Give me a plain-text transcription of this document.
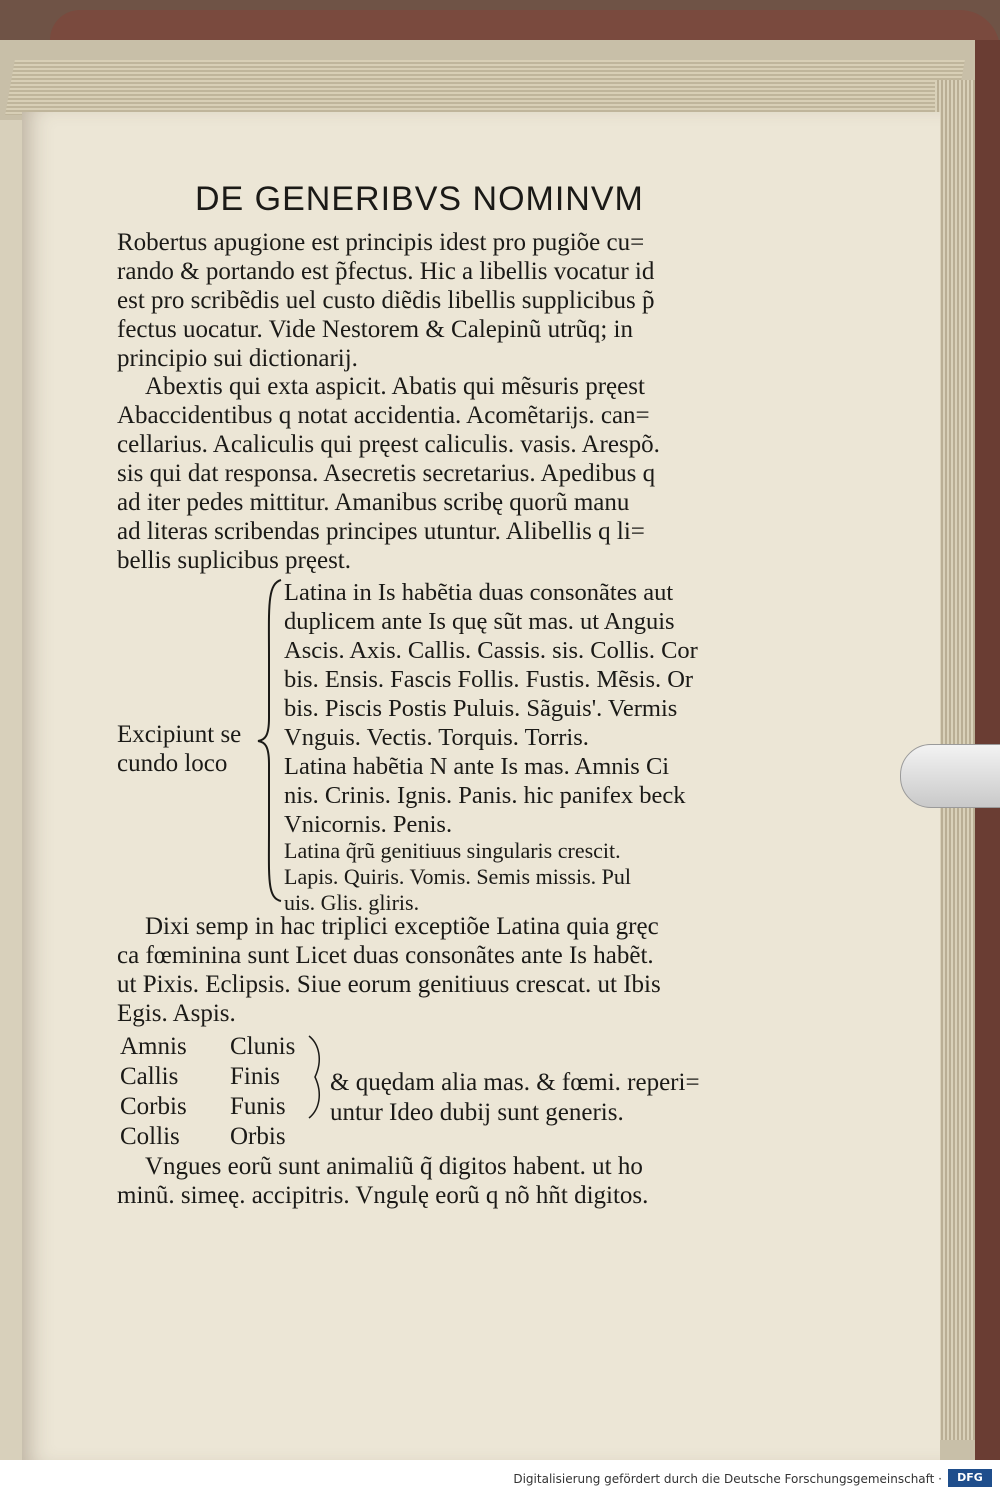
DE GENERIBVS NOMINVM
Robertus apugione est principis idest pro pugiõe cu=
rando & portando est p̃fectus. Hic a libellis vocatur id
est pro scribẽdis uel custo diẽdis libellis supplicibus p̃
fectus uocatur. Vide Nestorem & Calepinũ utrũq; in
principio sui dictionarij.
Abextis qui exta aspicit. Abatis qui mẽsuris pręest
Abaccidentibus q notat accidentia. Acomẽtarijs. can=
cellarius. Acaliculis qui pręest caliculis. vasis. Arespõ.
sis qui dat responsa. Asecretis secretarius. Apedibus q
ad iter pedes mittitur. Amanibus scribę quorũ manu
ad literas scribendas principes utuntur. Alibellis q li=
bellis suplicibus pręest.
Excipiunt se
cundo loco
Latina in Is habẽtia duas consonãtes aut
duplicem ante Is quę sũt mas. ut Anguis
Ascis. Axis. Callis. Cassis. sis. Collis. Cor
bis. Ensis. Fascis Follis. Fustis. Mẽsis. Or
bis. Piscis Postis Puluis. Sãguis'. Vermis
Vnguis. Vectis. Torquis. Torris.
Latina habẽtia N ante Is mas. Amnis Ci
nis. Crinis. Ignis. Panis. hic panifex beck
Vnicornis. Penis.
Latina q̃rũ genitiuus singularis crescit.
Lapis. Quiris. Vomis. Semis missis. Pul
uis. Glis. gliris.
Dixi semp in hac triplici exceptiõe Latina quia gręc
ca fœminina sunt Licet duas consonãtes ante Is habẽt.
ut Pixis. Eclipsis. Siue eorum genitiuus crescat. ut Ibis
Egis. Aspis.
Amnis
Callis
Corbis
Collis
Clunis
Finis
Funis
Orbis
& quędam alia mas. & fœmi. reperi=
untur Ideo dubij sunt generis.
Vngues eorũ sunt animaliũ q̃ digitos habent. ut ho
minũ. simeę. accipitris. Vngulę eorũ q nõ hñt digitos.
Digitalisierung gefördert durch die Deutsche Forschungsgemeinschaft ·	DFG
